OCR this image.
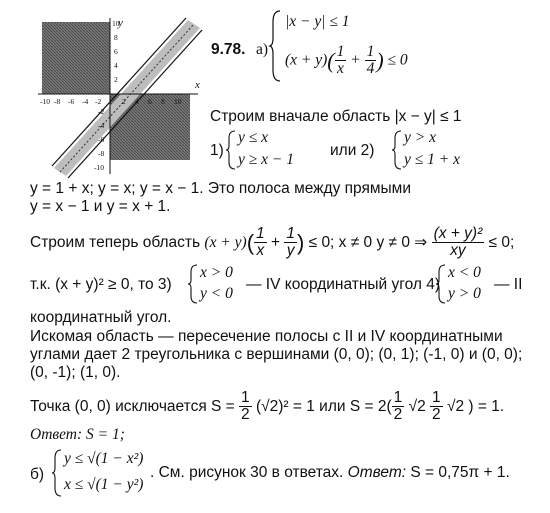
x
y
-10 -8 -6 -4 -2	2 4 6 8 10
10
8
6
4
2
-2
-4
-6
-8
-10
9.78. а)
|x − y| ≤ 1
$(x + y)( \frac{1}{x} + \frac{1}{4}$ ) ≤ 0
Строим вначале область |x − y| ≤ 1
1)
y ≤ x
y ≥ x − 1
или 2)
y > x
y ≤ 1 + x
y = 1 + x; y = x; y = x − 1. Это полоса между прямыми
y = x − 1 и y = x + 1.
Строим теперь область $(x + y)( \frac{1}{x} + \frac{1}{y}$ ) ≤ 0; x ≠ 0 y ≠ 0 ⇒ $\frac{\text{(x + y)²}}{xy} \le 0$;
т.к. (x + y)² ≥ 0, то 3)
x > 0
y < 0
— IV координатный угол 4)
x < 0
y > 0
— II
координатный угол.
Искомая область — пересечение полосы с II и IV координатными
углами дает 2 треугольника с вершинами (0, 0); (0, 1); (-1, 0) и (0, 0);
(0, -1); (1, 0).
Точка (0, 0) исключается $S = \frac{1}{2} (√2)^2 = 1$ или $S = 2( \frac{1}{2} √2 \frac{1}{2} √2$ ) = 1.
Ответ: S = 1;
б)
y ≤ √(1 − x²)
x ≤ √(1 − y²)
. См. рисунок 30 в ответах. Ответ: S = 0,75π + 1.
